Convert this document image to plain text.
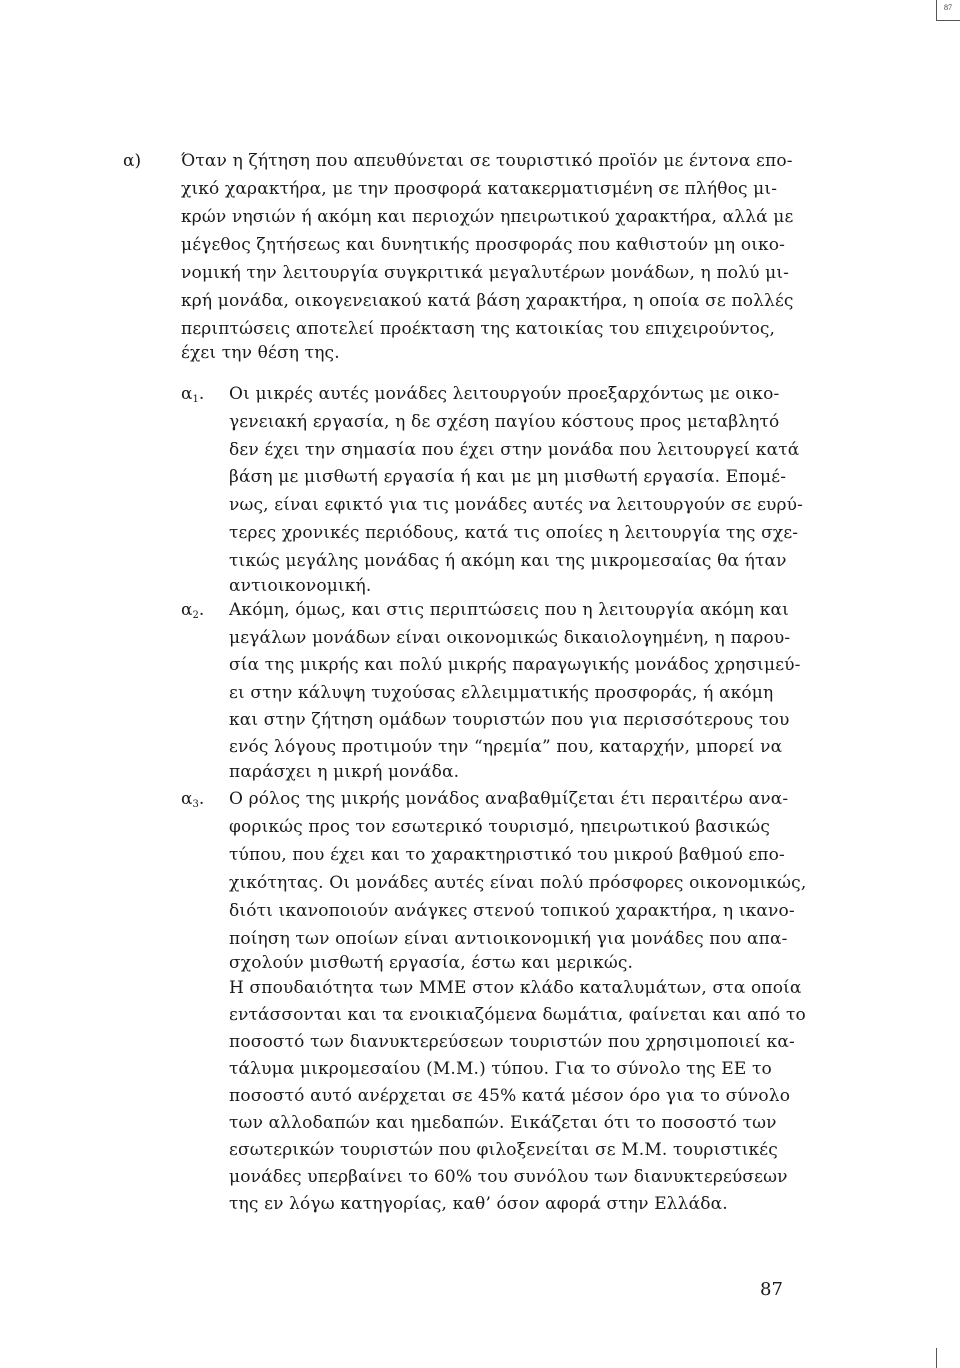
87
α) Όταν η ζήτηση που απευθύνεται σε τουριστικό προϊόν με έντονα επο-
χικό χαρακτήρα, με την προσφορά κατακερματισμένη σε πλήθος μι-
κρών νησιών ή ακόμη και περιοχών ηπειρωτικού χαρακτήρα, αλλά με
μέγεθος ζητήσεως και δυνητικής προσφοράς που καθιστούν μη οικο-
νομική την λειτουργία συγκριτικά μεγαλυτέρων μονάδων, η πολύ μι-
κρή μονάδα, οικογενειακού κατά βάση χαρακτήρα, η οποία σε πολλές
περιπτώσεις αποτελεί προέκταση της κατοικίας του επιχειρούντος,
έχει την θέση της.
$\alpha_1$. Οι μικρές αυτές μονάδες λειτουργούν προεξαρχόντως με οικο-
γενειακή εργασία, η δε σχέση παγίου κόστους προς μεταβλητό
δεν έχει την σημασία που έχει στην μονάδα που λειτουργεί κατά
βάση με μισθωτή εργασία ή και με μη μισθωτή εργασία. Επομέ-
νως, είναι εφικτό για τις μονάδες αυτές να λειτουργούν σε ευρύ-
τερες χρονικές περιόδους, κατά τις οποίες η λειτουργία της σχε-
τικώς μεγάλης μονάδας ή ακόμη και της μικρομεσαίας θα ήταν
αντιοικονομική.
$\alpha_2$. Ακόμη, όμως, και στις περιπτώσεις που η λειτουργία ακόμη και
μεγάλων μονάδων είναι οικονομικώς δικαιολογημένη, η παρου-
σία της μικρής και πολύ μικρής παραγωγικής μονάδος χρησιμεύ-
ει στην κάλυψη τυχούσας ελλειμματικής προσφοράς, ή ακόμη
και στην ζήτηση ομάδων τουριστών που για περισσότερους του
ενός λόγους προτιμούν την “ηρεμία” που, καταρχήν, μπορεί να
παράσχει η μικρή μονάδα.
$\alpha_3$. Ο ρόλος της μικρής μονάδος αναβαθμίζεται έτι περαιτέρω ανα-
φορικώς προς τον εσωτερικό τουρισμό, ηπειρωτικού βασικώς
τύπου, που έχει και το χαρακτηριστικό του μικρού βαθμού επο-
χικότητας. Οι μονάδες αυτές είναι πολύ πρόσφορες οικονομικώς,
διότι ικανοποιούν ανάγκες στενού τοπικού χαρακτήρα, η ικανο-
ποίηση των οποίων είναι αντιοικονομική για μονάδες που απα-
σχολούν μισθωτή εργασία, έστω και μερικώς.
Η σπουδαιότητα των ΜΜΕ στον κλάδο καταλυμάτων, στα οποία
εντάσσονται και τα ενοικιαζόμενα δωμάτια, φαίνεται και από το
ποσοστό των διανυκτερεύσεων τουριστών που χρησιμοποιεί κα-
τάλυμα μικρομεσαίου (Μ.Μ.) τύπου. Για το σύνολο της ΕΕ το
ποσοστό αυτό ανέρχεται σε 45% κατά μέσον όρο για το σύνολο
των αλλοδαπών και ημεδαπών. Εικάζεται ότι το ποσοστό των
εσωτερικών τουριστών που φιλοξενείται σε Μ.Μ. τουριστικές
μονάδες υπερβαίνει το 60% του συνόλου των διανυκτερεύσεων
της εν λόγω κατηγορίας, καθ’ όσον αφορά στην Ελλάδα.
87
